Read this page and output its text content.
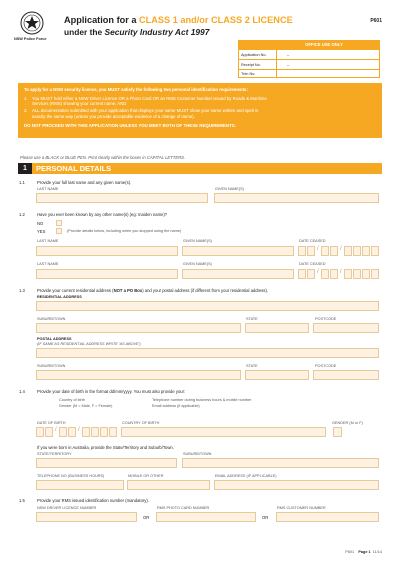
NSW Police Force
P601
Application for a CLASS 1 and/or CLASS 2 LICENCE
under the Security Industry Act 1997
OFFICE USE ONLY
Application No.	–
Receipt No.	–
Trim No.
To apply for a NSW security licence, you MUST satisfy the following two personal identification requirements:
1.	You MUST hold either a NSW Driver Licence OR a Photo Card OR an RMS Customer Number issued by Roads & Maritime
Services (RMS) showing your current name; AND
2.	ALL documentation submitted with your application that displays your name MUST show your name written and spelt in
exactly the same way (unless you provide acceptable evidence of a change of name).
DO NOT PROCEED WITH THIS APPLICATION UNLESS YOU MEET BOTH OF THESE REQUIREMENTS.
Please use a BLACK or BLUE PEN. Print clearly within the boxes in CAPITAL LETTERS.
1	PERSONAL DETAILS
1.1	Provide your full last name and any given name(s).
LAST NAME	GIVEN NAME(S)
1.2	Have you ever been known by any other name(s) (eg: maiden name)?
NO
YES	(Provide details below, including when you stopped using the name)
LAST NAME	GIVEN NAME(S)	DATE CEASED
/	/
LAST NAME	GIVEN NAME(S)	DATE CEASED
/	/
1.3	Provide your current residential address (NOT a PO Box) and your postal address (if different from your residential address).
RESIDENTIAL ADDRESS
SUBURB/TOWN	STATE	POSTCODE
POSTAL ADDRESS
(IF SAME AS RESIDENTIAL ADDRESS WRITE 'AS ABOVE')
SUBURB/TOWN	STATE	POSTCODE
1.4	Provide your date of birth in the format dd/mm/yyyy. You must also provide your:
Country of birth
Gender (M = Male, F = Female)
Telephone number during business hours & mobile number
Email address (if applicable)
DATE OF BIRTH	COUNTRY OF BIRTH	GENDER (M or F)
/	/
If you were born in Australia, provide the State/Territory and Suburb/Town.
STATE/TERRITORY	SUBURB/TOWN
TELEPHONE NO (BUSINESS HOURS)	MOBILE OR OTHER	EMAIL ADDRESS (IF APPLICABLE)
1.5	Provide your RMS issued identification number (mandatory).
NSW DRIVER LICENCE NUMBER	RMS PHOTO CARD NUMBER	RMS CUSTOMER NUMBER
OR	OR
P601 Page 1 11/14
